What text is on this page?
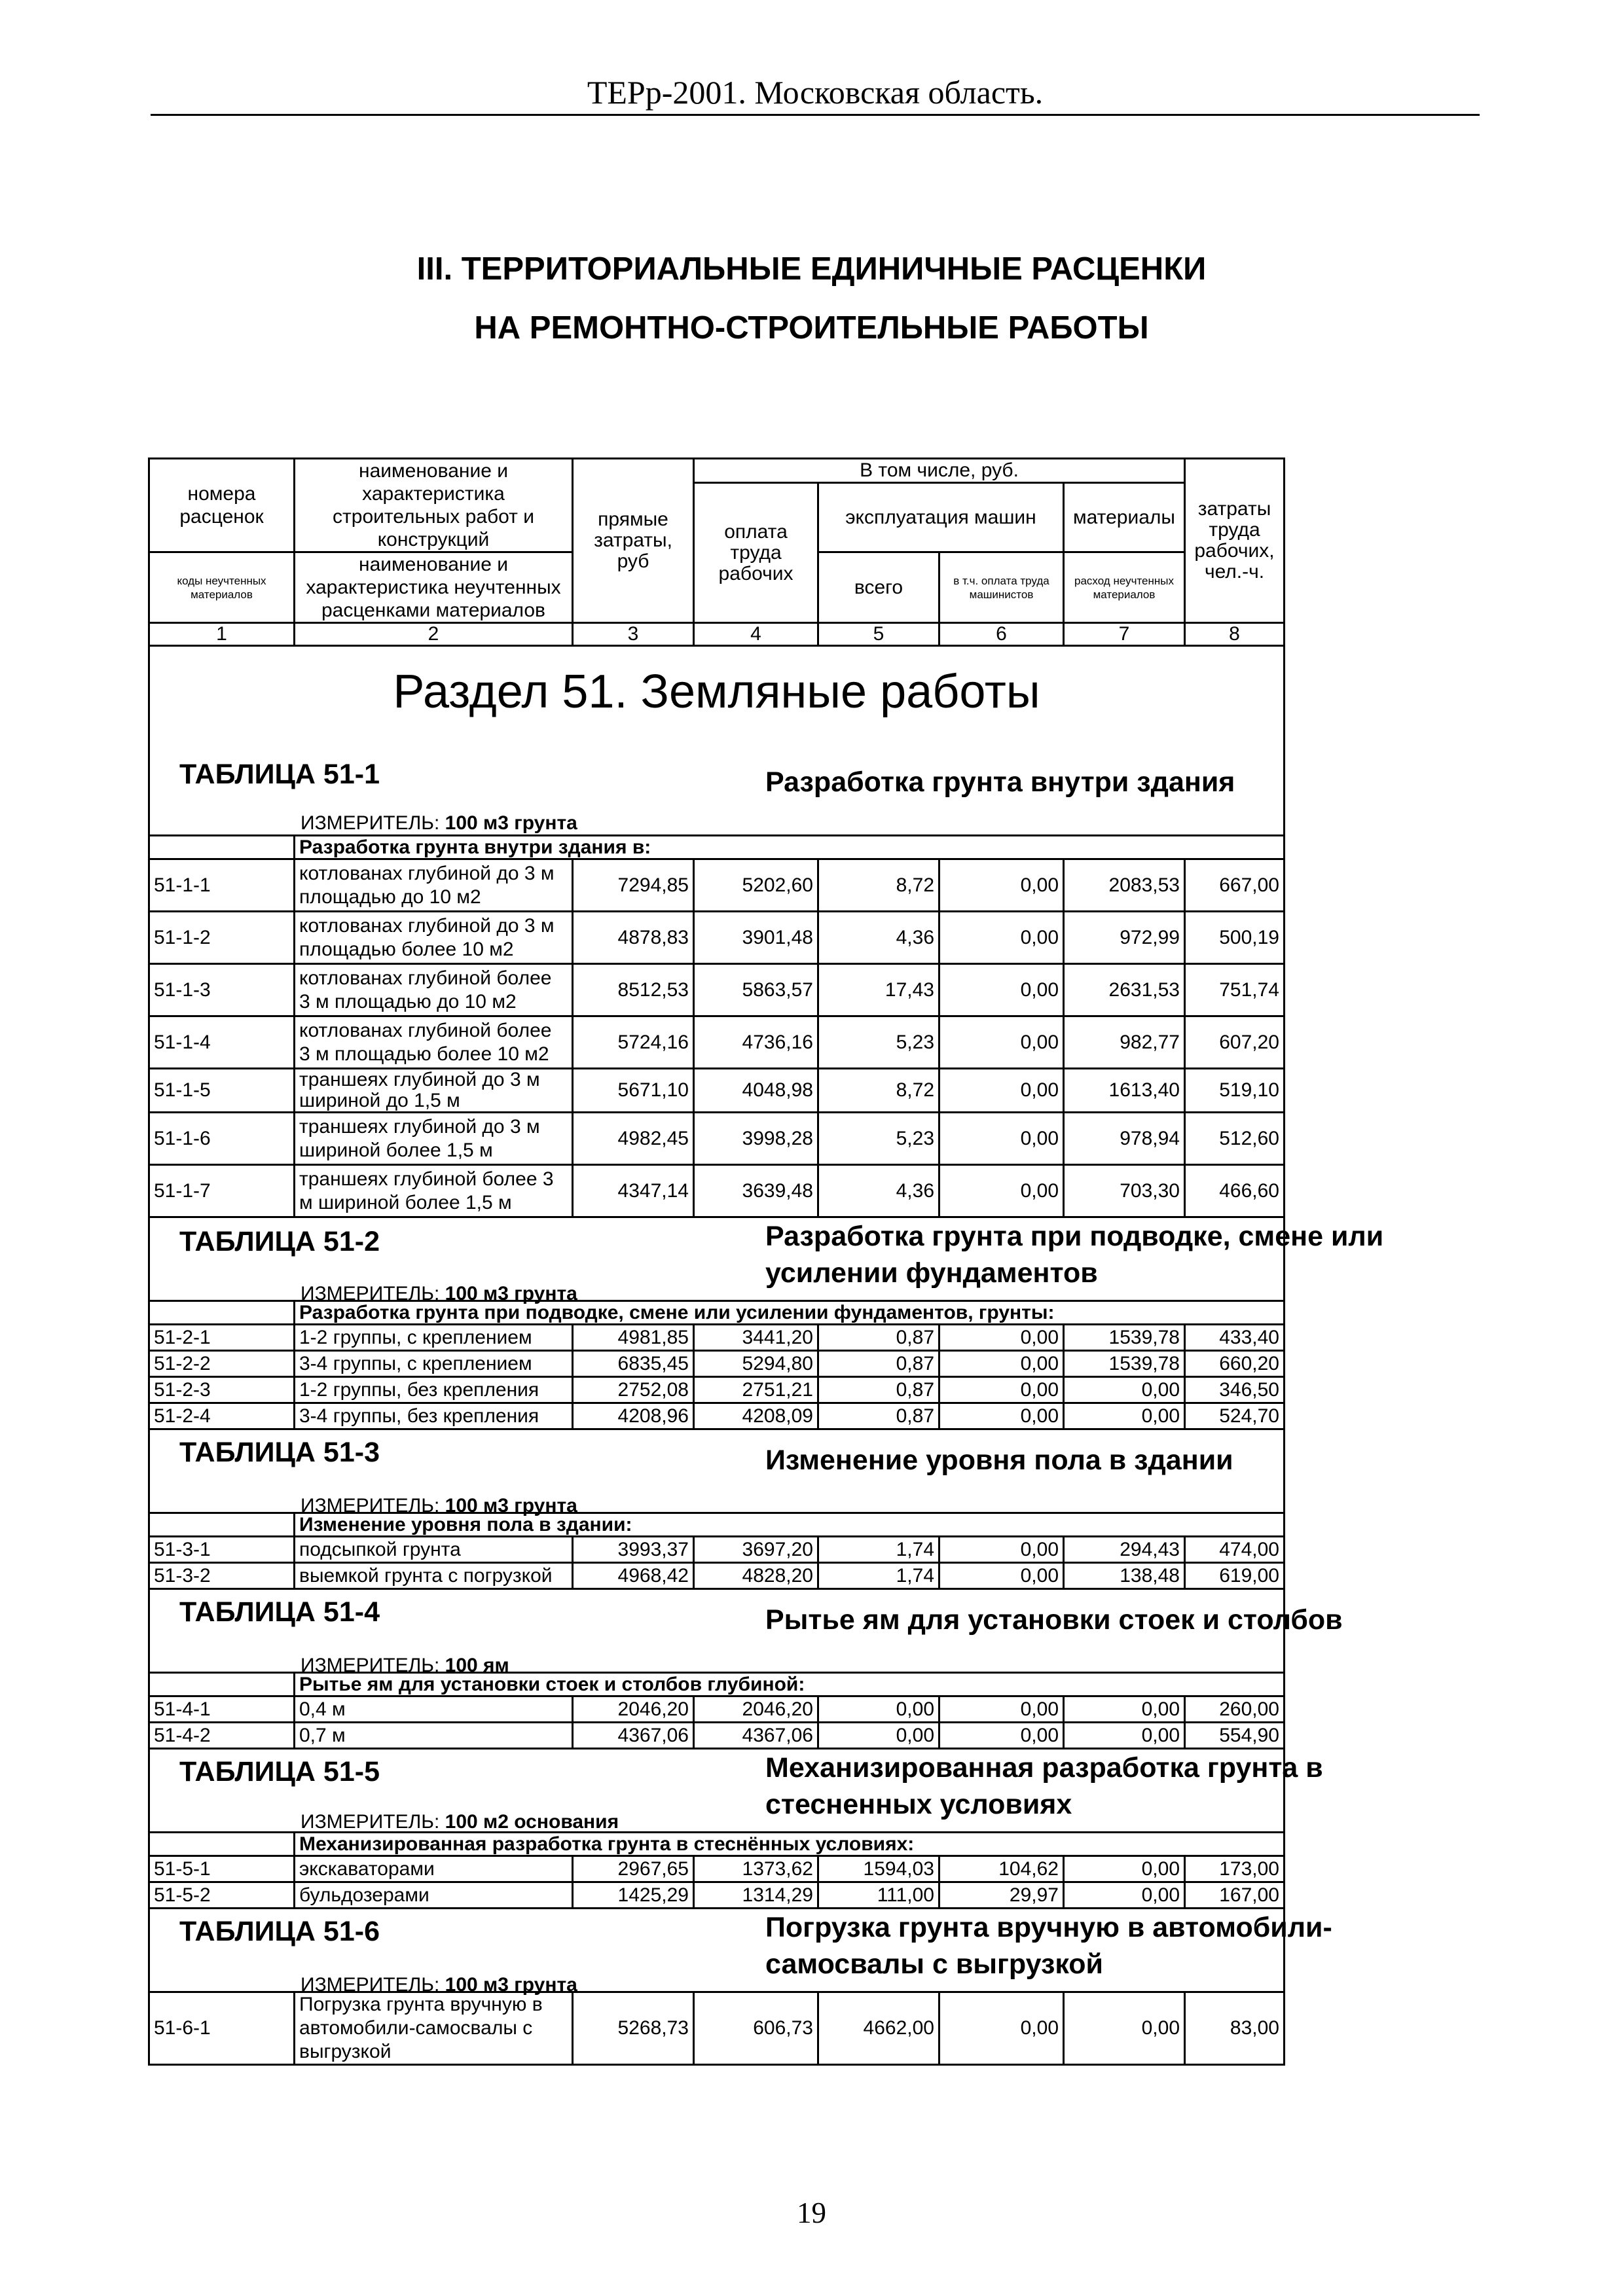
ТЕРр-2001. Московская область.
III. ТЕРРИТОРИАЛЬНЫЕ ЕДИНИЧНЫЕ РАСЦЕНКИ
НА РЕМОНТНО-СТРОИТЕЛЬНЫЕ РАБОТЫ
номера расценок	наименование и характеристика строительных работ и конструкций	прямые затраты, руб	В том числе, руб.				затраты труда рабочих, чел.-ч.
			оплата труда рабочих	эксплуатация машин		материалы	
коды неучтенных материалов	наименование и характеристика неучтенных расценками материалов			всего	в т.ч. оплата труда машинистов	расход неучтенных материалов	

1	2	3	4	5	6	7	8

Раздел 51. Земляные работы							

ТАБЛИЦА 51-1 Разработка грунта внутри здания
ИЗМЕРИТЕЛЬ: 100 м3 грунта							

	Разработка грунта внутри здания в:						
51-1-1	котлованах глубиной до 3 м площадью до 10 м2	7294,85	5202,60	8,72	0,00	2083,53	667,00
51-1-2	котлованах глубиной до 3 м площадью более 10 м2	4878,83	3901,48	4,36	0,00	972,99	500,19
51-1-3	котлованах глубиной более 3 м площадью до 10 м2	8512,53	5863,57	17,43	0,00	2631,53	751,74
51-1-4	котлованах глубиной более 3 м площадью более 10 м2	5724,16	4736,16	5,23	0,00	982,77	607,20
51-1-5	траншеях глубиной до 3 м шириной до 1,5 м	5671,10	4048,98	8,72	0,00	1613,40	519,10
51-1-6	траншеях глубиной до 3 м шириной более 1,5 м	4982,45	3998,28	5,23	0,00	978,94	512,60
51-1-7	траншеях глубиной более 3 м шириной более 1,5 м	4347,14	3639,48	4,36	0,00	703,30	466,60

ТАБЛИЦА 51-2 Разработка грунта при подводке, смене или усилении фундаментов
ИЗМЕРИТЕЛЬ: 100 м3 грунта							

	Разработка грунта при подводке, смене или усилении фундаментов, грунты:						
51-2-1	1-2 группы, с креплением	4981,85	3441,20	0,87	0,00	1539,78	433,40
51-2-2	3-4 группы, с креплением	6835,45	5294,80	0,87	0,00	1539,78	660,20
51-2-3	1-2 группы, без крепления	2752,08	2751,21	0,87	0,00	0,00	346,50
51-2-4	3-4 группы, без крепления	4208,96	4208,09	0,87	0,00	0,00	524,70

ТАБЛИЦА 51-3 Изменение уровня пола в здании
ИЗМЕРИТЕЛЬ: 100 м3 грунта							

	Изменение уровня пола в здании:						
51-3-1	подсыпкой грунта	3993,37	3697,20	1,74	0,00	294,43	474,00
51-3-2	выемкой грунта с погрузкой	4968,42	4828,20	1,74	0,00	138,48	619,00

ТАБЛИЦА 51-4 Рытье ям для установки стоек и столбов
ИЗМЕРИТЕЛЬ: 100 ям							

	Рытье ям для установки стоек и столбов глубиной:						
51-4-1	0,4 м	2046,20	2046,20	0,00	0,00	0,00	260,00
51-4-2	0,7 м	4367,06	4367,06	0,00	0,00	0,00	554,90

ТАБЛИЦА 51-5 Механизированная разработка грунта в стесненных условиях
ИЗМЕРИТЕЛЬ: 100 м2 основания							

	Механизированная разработка грунта в стеснённых условиях:						
51-5-1	экскаваторами	2967,65	1373,62	1594,03	104,62	0,00	173,00
51-5-2	бульдозерами	1425,29	1314,29	111,00	29,97	0,00	167,00

ТАБЛИЦА 51-6 Погрузка грунта вручную в автомобили-самосвалы с выгрузкой
ИЗМЕРИТЕЛЬ: 100 м3 грунта							

51-6-1	Погрузка грунта вручную в автомобили-самосвалы с выгрузкой	5268,73	606,73	4662,00	0,00	0,00	83,00
19
